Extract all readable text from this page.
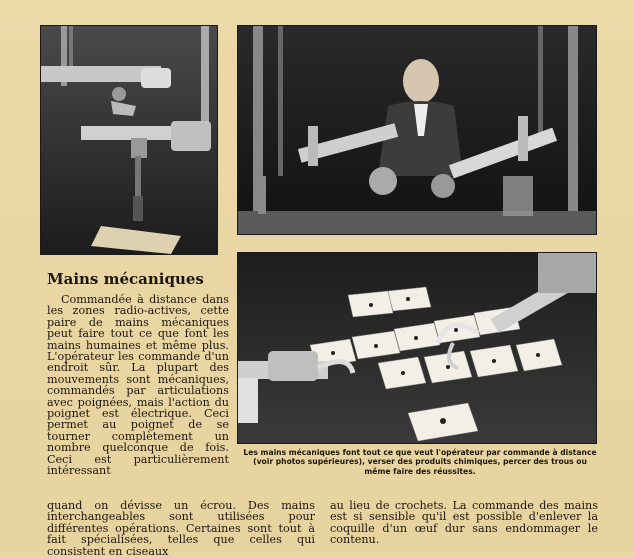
Mains mécaniques

Commandée à distance dans les zones radio-actives, cette paire de mains mécaniques peut faire tout ce que font les mains humaines et même plus. L'opérateur les commande d'un endroit sûr. La plupart des mouvements sont mécaniques, commandés par articulations avec poignées, mais l'action du poignet est électrique. Ceci permet au poignet de se tourner complètement un nombre quelconque de fois. Ceci est particulièrement intéressant

quand on dévisse un écrou. Des mains interchangeables sont utilisées pour différentes opérations. Certaines sont tout à fait spécialisées, telles que celles qui consistent en ciseaux

au lieu de crochets. La commande des mains est si sensible qu'il est possible d'enlever la coquille d'un œuf dur sans endommager le contenu.

Les mains mécaniques font tout ce que veut l'opérateur par commande à distance (voir photos supérieures), verser des produits chimiques, percer des trous ou même faire des réussites.
